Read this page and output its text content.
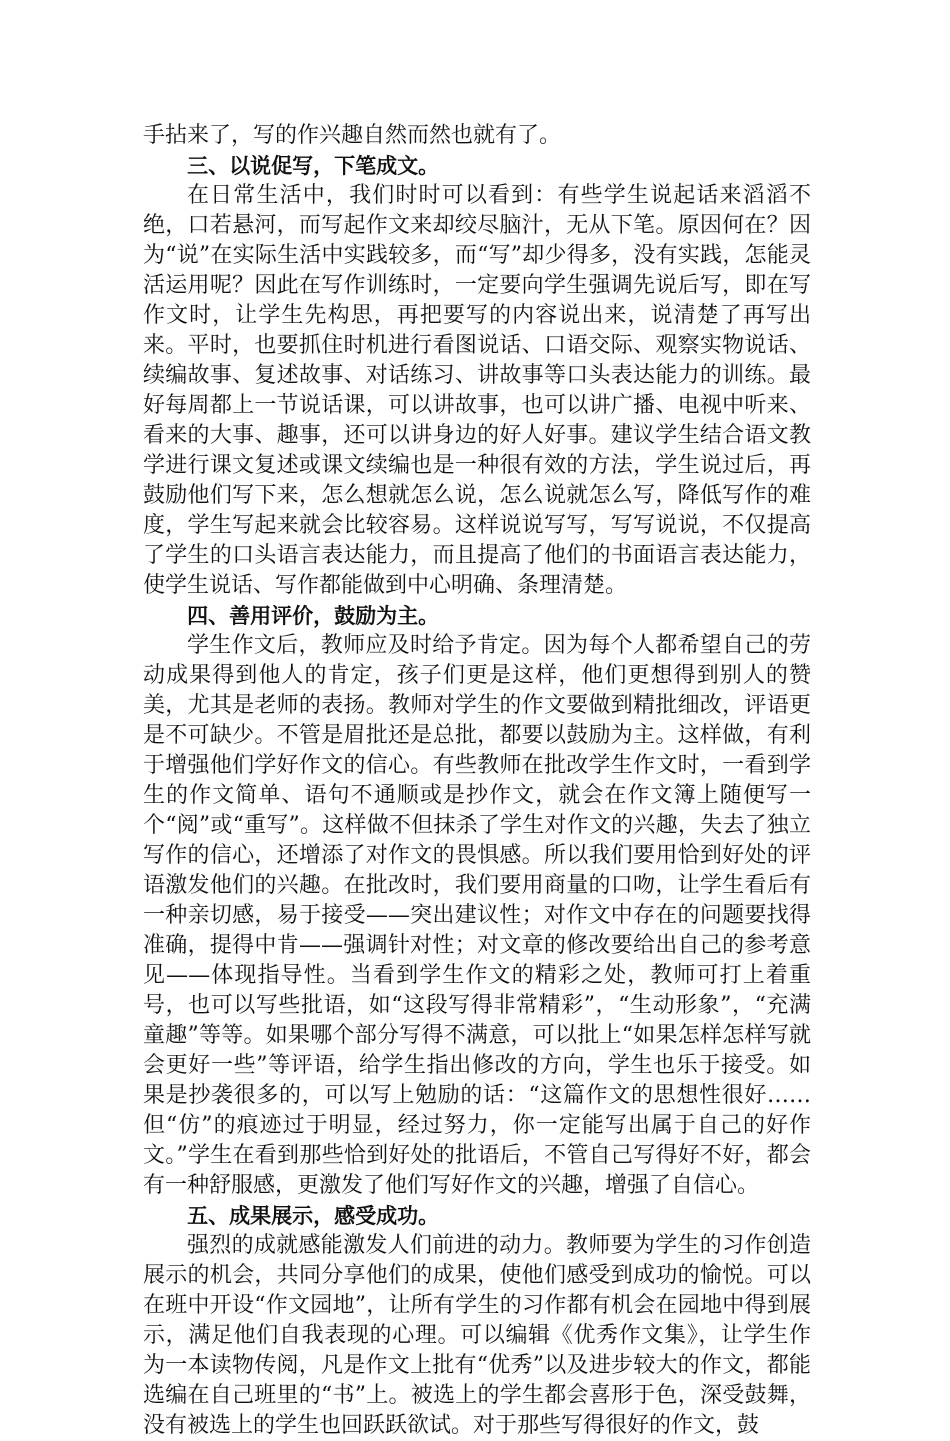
手拈来了，写的作兴趣自然而然也就有了。

三、以说促写，下笔成文。

在日常生活中，我们时时可以看到：有些学生说起话来滔滔不绝，口若悬河，而写起作文来却绞尽脑汁，无从下笔。原因何在？因为“说”在实际生活中实践较多，而“写”却少得多，没有实践，怎能灵活运用呢？因此在写作训练时，一定要向学生强调先说后写，即在写作文时，让学生先构思，再把要写的内容说出来，说清楚了再写出来。平时，也要抓住时机进行看图说话、口语交际、观察实物说话、续编故事、复述故事、对话练习、讲故事等口头表达能力的训练。最好每周都上一节说话课，可以讲故事，也可以讲广播、电视中听来、看来的大事、趣事，还可以讲身边的好人好事。建议学生结合语文教学进行课文复述或课文续编也是一种很有效的方法，学生说过后，再鼓励他们写下来，怎么想就怎么说，怎么说就怎么写，降低写作的难度，学生写起来就会比较容易。这样说说写写，写写说说，不仅提高了学生的口头语言表达能力，而且提高了他们的书面语言表达能力，使学生说话、写作都能做到中心明确、条理清楚。

四、善用评价，鼓励为主。

学生作文后，教师应及时给予肯定。因为每个人都希望自己的劳动成果得到他人的肯定，孩子们更是这样，他们更想得到别人的赞美，尤其是老师的表扬。教师对学生的作文要做到精批细改，评语更是不可缺少。不管是眉批还是总批，都要以鼓励为主。这样做，有利于增强他们学好作文的信心。有些教师在批改学生作文时，一看到学生的作文简单、语句不通顺或是抄作文，就会在作文簿上随便写一个“阅”或“重写”。这样做不但抹杀了学生对作文的兴趣，失去了独立写作的信心，还增添了对作文的畏惧感。所以我们要用恰到好处的评语激发他们的兴趣。在批改时，我们要用商量的口吻，让学生看后有一种亲切感，易于接受——突出建议性；对作文中存在的问题要找得准确，提得中肯——强调针对性；对文章的修改要给出自己的参考意见——体现指导性。当看到学生作文的精彩之处，教师可打上着重号，也可以写些批语，如“这段写得非常精彩”，“生动形象”，“充满童趣”等等。如果哪个部分写得不满意，可以批上“如果怎样怎样写就会更好一些”等评语，给学生指出修改的方向，学生也乐于接受。如果是抄袭很多的，可以写上勉励的话：“这篇作文的思想性很好……但“仿”的痕迹过于明显，经过努力，你一定能写出属于自己的好作文。”学生在看到那些恰到好处的批语后，不管自己写得好不好，都会有一种舒服感，更激发了他们写好作文的兴趣，增强了自信心。

五、成果展示，感受成功。

强烈的成就感能激发人们前进的动力。教师要为学生的习作创造展示的机会，共同分享他们的成果，使他们感受到成功的愉悦。可以在班中开设“作文园地”，让所有学生的习作都有机会在园地中得到展示，满足他们自我表现的心理。可以编辑《优秀作文集》，让学生作为一本读物传阅，凡是作文上批有“优秀”以及进步较大的作文，都能选编在自己班里的“书”上。被选上的学生都会喜形于色，深受鼓舞，没有被选上的学生也回跃跃欲试。对于那些写得很好的作文，鼓
